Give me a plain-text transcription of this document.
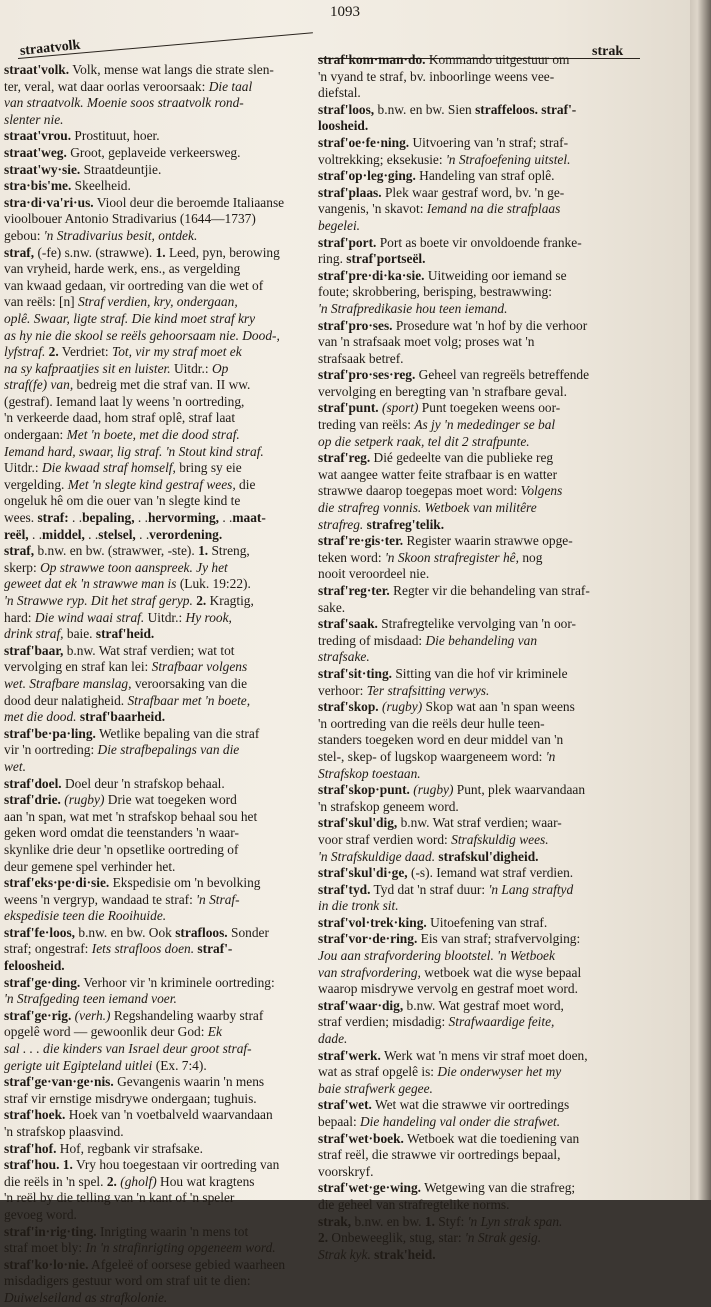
1093
straatvolk	strak
straat'volk. Volk, mense wat langs die strate slen-
ter, veral, wat daar oorlas veroorsaak: Die taal
van straatvolk. Moenie soos straatvolk rond-
slenter nie.
straat'vrou. Prostituut, hoer.
straat'weg. Groot, geplaveide verkeersweg.
straat'wy·sie. Straatdeuntjie.
stra·bis'me. Skeelheid.
stra·di·va'ri·us. Viool deur die beroemde Italiaanse
vioolbouer Antonio Stradivarius (1644—1737)
gebou: 'n Stradivarius besit, ontdek.
straf, (-fe) s.nw. (strawwe). 1. Leed, pyn, berowing
van vryheid, harde werk, ens., as vergelding
van kwaad gedaan, vir oortreding van die wet of
van reëls: [n] Straf verdien, kry, ondergaan,
oplê. Swaar, ligte straf. Die kind moet straf kry
as hy nie die skool se reëls gehoorsaam nie. Dood-,
lyfstraf. 2. Verdriet: Tot, vir my straf moet ek
na sy kafpraatjies sit en luister. Uitdr.: Op
straf(fe) van, bedreig met die straf van. II ww.
(gestraf). Iemand laat ly weens 'n oortreding,
'n verkeerde daad, hom straf oplê, straf laat
ondergaan: Met 'n boete, met die dood straf.
Iemand hard, swaar, lig straf. 'n Stout kind straf.
Uitdr.: Die kwaad straf homself, bring sy eie
vergelding. Met 'n slegte kind gestraf wees, die
ongeluk hê om die ouer van 'n slegte kind te
wees. straf: . .bepaling, . .hervorming, . .maat-
reël, . .middel, . .stelsel, . .verordening.
straf, b.nw. en bw. (strawwer, -ste). 1. Streng,
skerp: Op strawwe toon aanspreek. Jy het
geweet dat ek 'n strawwe man is (Luk. 19:22).
'n Strawwe ryp. Dit het straf geryp. 2. Kragtig,
hard: Die wind waai straf. Uitdr.: Hy rook,
drink straf, baie. straf'heid.
straf'baar, b.nw. Wat straf verdien; wat tot
vervolging en straf kan lei: Strafbaar volgens
wet. Strafbare manslag, veroorsaking van die
dood deur nalatigheid. Strafbaar met 'n boete,
met die dood. straf'baarheid.
straf'be·pa·ling. Wetlike bepaling van die straf
vir 'n oortreding: Die strafbepalings van die
wet.
straf'doel. Doel deur 'n strafskop behaal.
straf'drie. (rugby) Drie wat toegeken word
aan 'n span, wat met 'n strafskop behaal sou het
geken word omdat die teenstanders 'n waar-
skynlike drie deur 'n opsetlike oortreding of
deur gemene spel verhinder het.
straf'eks·pe·di·sie. Ekspedisie om 'n bevolking
weens 'n vergryp, wandaad te straf: 'n Straf-
ekspedisie teen die Rooihuide.
straf'fe·loos, b.nw. en bw. Ook strafloos. Sonder
straf; ongestraf: Iets strafloos doen. straf'-
feloosheid.
straf'ge·ding. Verhoor vir 'n kriminele oortreding:
'n Strafgeding teen iemand voer.
straf'ge·rig. (verh.) Regshandeling waarby straf
opgelê word — gewoonlik deur God: Ek
sal . . . die kinders van Israel deur groot straf-
gerigte uit Egipteland uitlei (Ex. 7:4).
straf'ge·van·ge·nis. Gevangenis waarin 'n mens
straf vir ernstige misdrywe ondergaan; tughuis.
straf'hoek. Hoek van 'n voetbalveld waarvandaan
'n strafskop plaasvind.
straf'hof. Hof, regbank vir strafsake.
straf'hou. 1. Vry hou toegestaan vir oortreding van
die reëls in 'n spel. 2. (gholf) Hou wat kragtens
'n reël by die telling van 'n kant of 'n speler
gevoeg word.
straf'in·rig·ting. Inrigting waarin 'n mens tot
straf moet bly: In 'n strafinrigting opgeneem word.
straf'ko·lo·nie. Afgeleë of oorsese gebied waarheen
misdadigers gestuur word om straf uit te dien:
Duiwelseiland as strafkolonie.
straf'kom·man·do. Kommando uitgestuur om
'n vyand te straf, bv. inboorlinge weens vee-
diefstal.
straf'loos, b.nw. en bw. Sien straffeloos. straf'-
loosheid.
straf'oe·fe·ning. Uitvoering van 'n straf; straf-
voltrekking; eksekusie: 'n Strafoefening uitstel.
straf'op·leg·ging. Handeling van straf oplê.
straf'plaas. Plek waar gestraf word, bv. 'n ge-
vangenis, 'n skavot: Iemand na die strafplaas
begelei.
straf'port. Port as boete vir onvoldoende franke-
ring. straf'portseël.
straf'pre·di·ka·sie. Uitweiding oor iemand se
foute; skrobbering, berisping, bestrawwing:
'n Strafpredikasie hou teen iemand.
straf'pro·ses. Prosedure wat 'n hof by die verhoor
van 'n strafsaak moet volg; proses wat 'n
strafsaak betref.
straf'pro·ses·reg. Geheel van regreëls betreffende
vervolging en beregting van 'n strafbare geval.
straf'punt. (sport) Punt toegeken weens oor-
treding van reëls: As jy 'n mededinger se bal
op die setperk raak, tel dit 2 strafpunte.
straf'reg. Dié gedeelte van die publieke reg
wat aangee watter feite strafbaar is en watter
strawwe daarop toegepas moet word: Volgens
die strafreg vonnis. Wetboek van militêre
strafreg. strafreg'telik.
straf're·gis·ter. Register waarin strawwe opge-
teken word: 'n Skoon strafregister hê, nog
nooit veroordeel nie.
straf'reg·ter. Regter vir die behandeling van straf-
sake.
straf'saak. Strafregtelike vervolging van 'n oor-
treding of misdaad: Die behandeling van
strafsake.
straf'sit·ting. Sitting van die hof vir kriminele
verhoor: Ter strafsitting verwys.
straf'skop. (rugby) Skop wat aan 'n span weens
'n oortreding van die reëls deur hulle teen-
standers toegeken word en deur middel van 'n
stel-, skep- of lugskop waargeneem word: 'n
Strafskop toestaan.
straf'skop·punt. (rugby) Punt, plek waarvandaan
'n strafskop geneem word.
straf'skul'dig, b.nw. Wat straf verdien; waar-
voor straf verdien word: Strafskuldig wees.
'n Strafskuldige daad. strafskul'digheid.
straf'skul'di·ge, (-s). Iemand wat straf verdien.
straf'tyd. Tyd dat 'n straf duur: 'n Lang straftyd
in die tronk sit.
straf'vol·trek·king. Uitoefening van straf.
straf'vor·de·ring. Eis van straf; strafvervolging:
Jou aan strafvordering blootstel. 'n Wetboek
van strafvordering, wetboek wat die wyse bepaal
waarop misdrywe vervolg en gestraf moet word.
straf'waar·dig, b.nw. Wat gestraf moet word,
straf verdien; misdadig: Strafwaardige feite,
dade.
straf'werk. Werk wat 'n mens vir straf moet doen,
wat as straf opgelê is: Die onderwyser het my
baie strafwerk gegee.
straf'wet. Wet wat die strawwe vir oortredings
bepaal: Die handeling val onder die strafwet.
straf'wet·boek. Wetboek wat die toediening van
straf reël, die strawwe vir oortredings bepaal,
voorskryf.
straf'wet·ge·wing. Wetgewing van die strafreg;
die geheel van strafregtelike norms.
strak, b.nw. en bw. 1. Styf: 'n Lyn strak span.
2. Onbeweeglik, stug, star: 'n Strak gesig.
Strak kyk. strak'heid.
